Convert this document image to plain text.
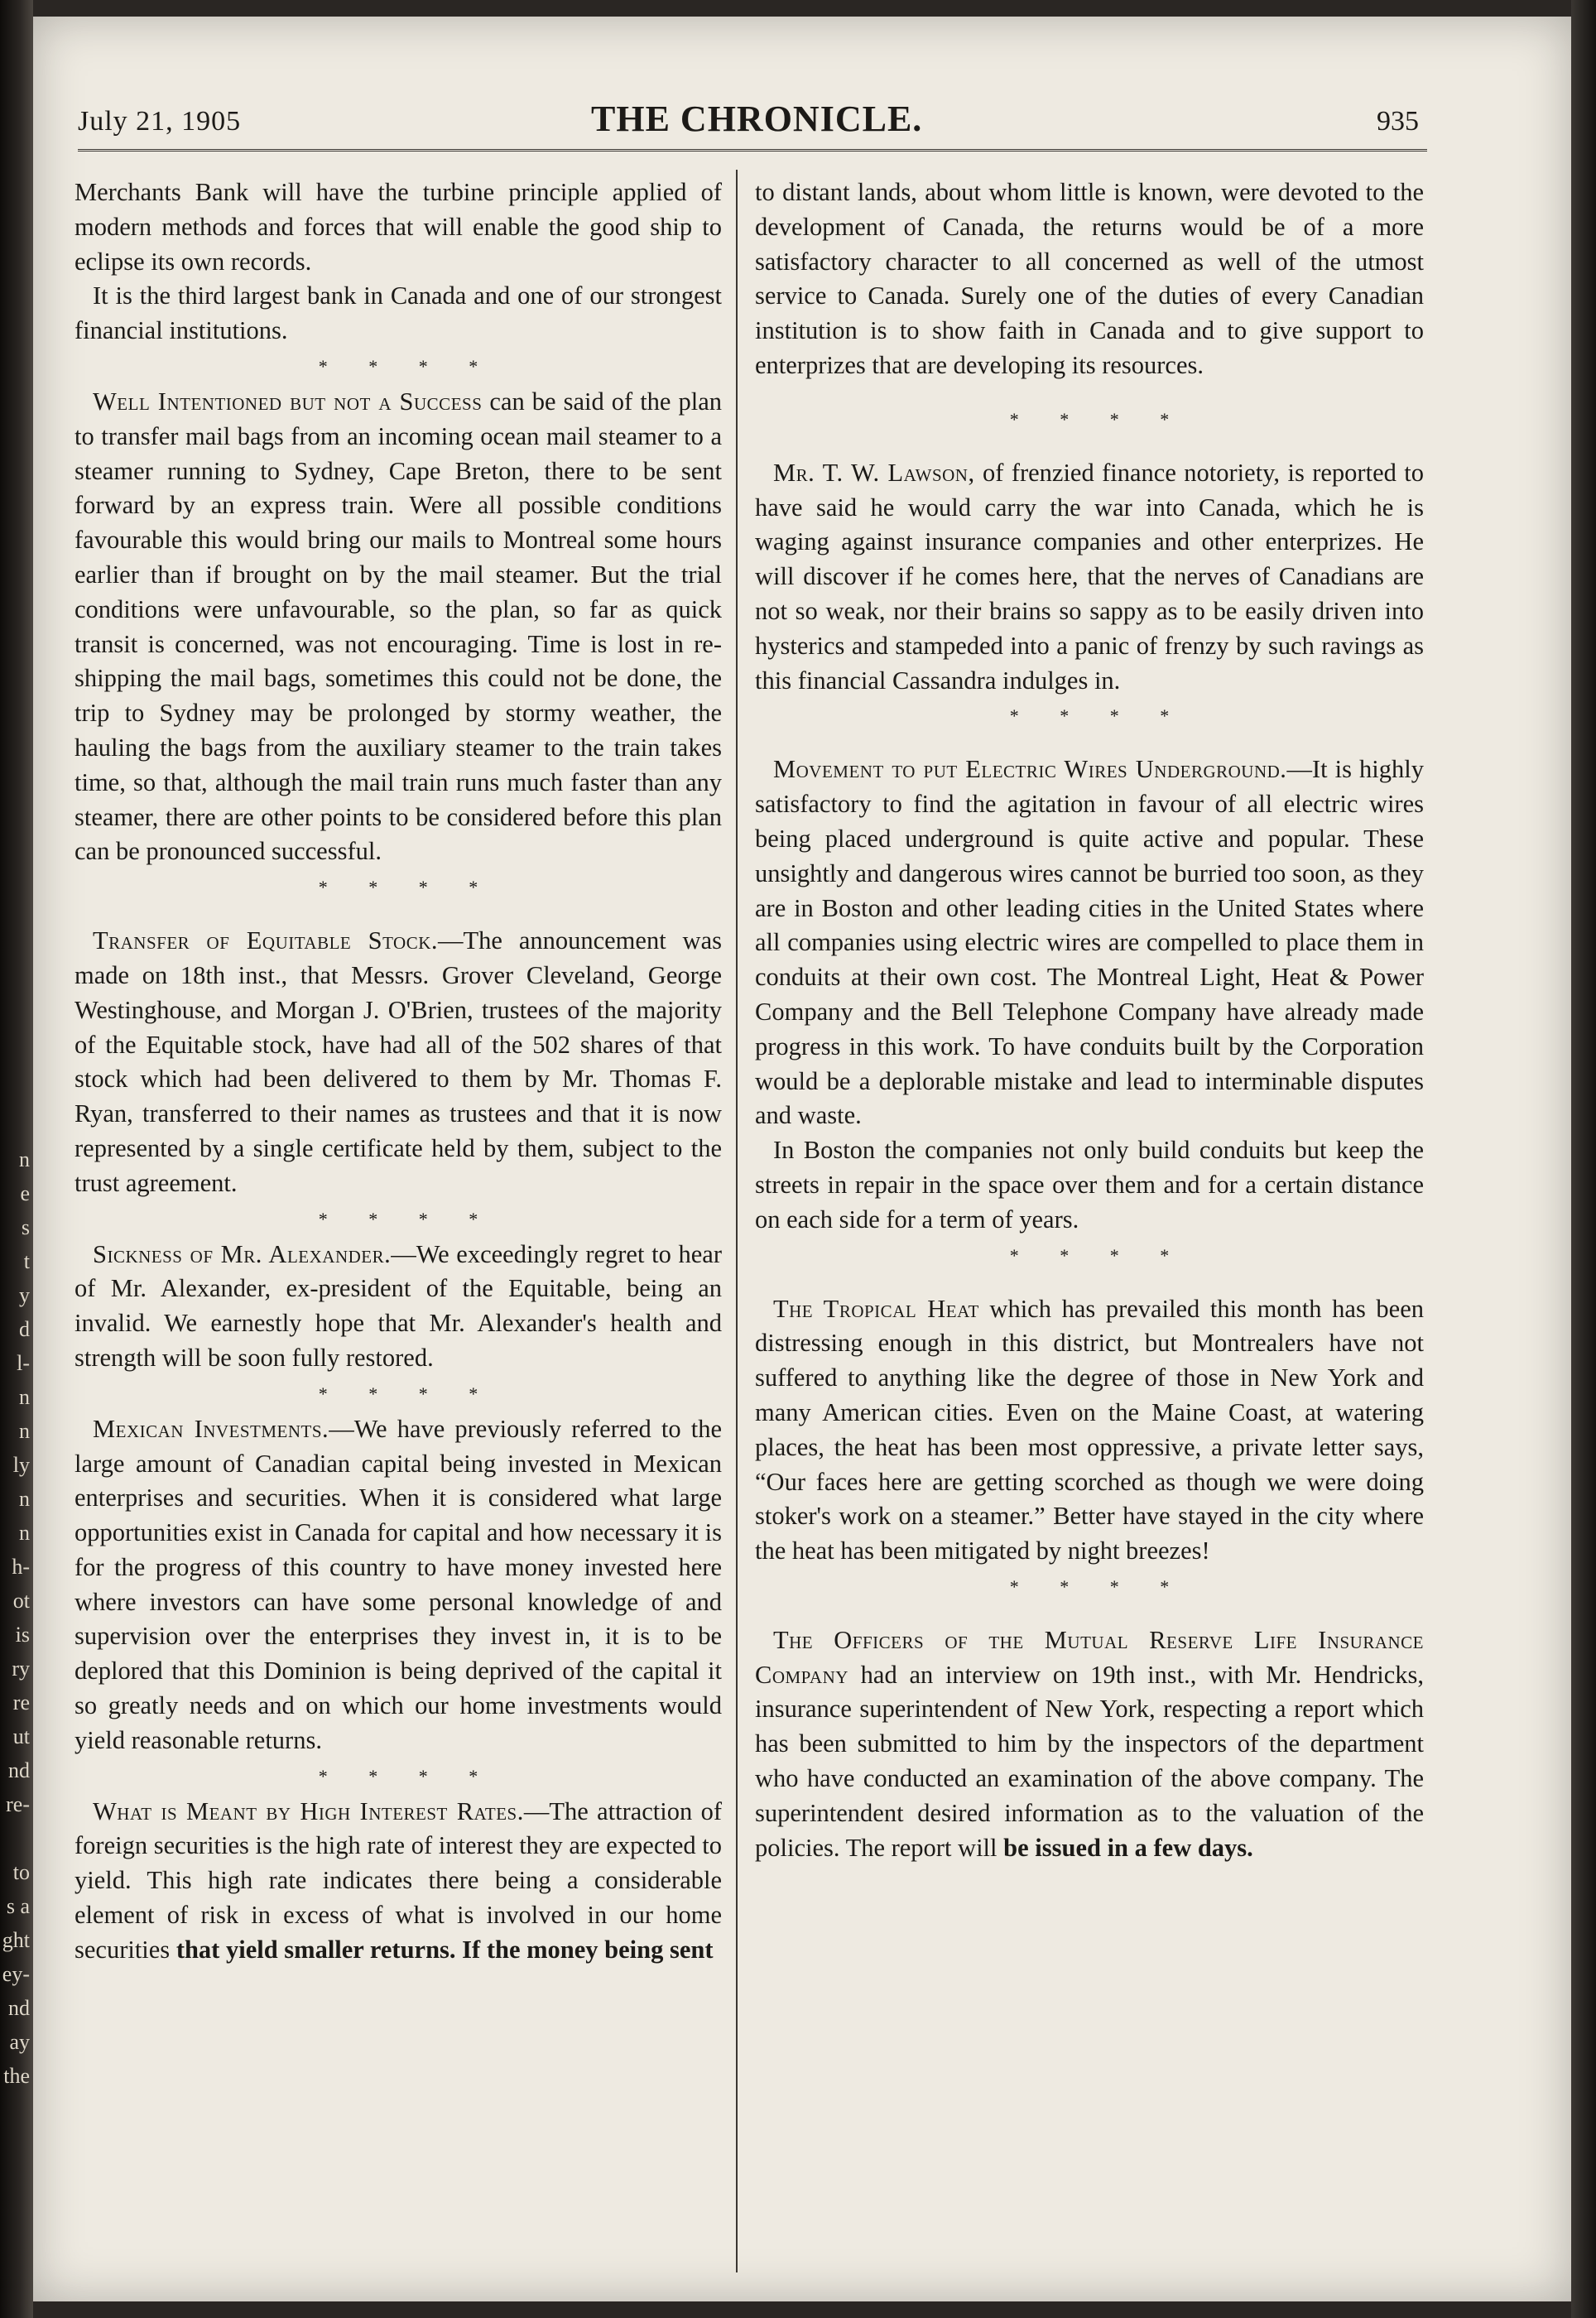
n
e
s
t
y
d
l-
n
n
ly
n
n
h-
ot
is
ry
re
ut
nd
re-

to
s a
ght
ey-
nd
ay
the
July 21, 1905	THE CHRONICLE.	935

Merchants Bank will have the turbine principle applied of modern methods and forces that will enable the good ship to eclipse its own records.

It is the third largest bank in Canada and one of our strongest financial institutions.

* * * *

Well Intentioned but not a Success can be said of the plan to transfer mail bags from an incoming ocean mail steamer to a steamer running to Sydney, Cape Breton, there to be sent forward by an express train. Were all possible conditions favourable this would bring our mails to Montreal some hours earlier than if brought on by the mail steamer. But the trial conditions were unfavourable, so the plan, so far as quick transit is concerned, was not encouraging. Time is lost in re-shipping the mail bags, sometimes this could not be done, the trip to Sydney may be prolonged by stormy weather, the hauling the bags from the auxiliary steamer to the train takes time, so that, although the mail train runs much faster than any steamer, there are other points to be considered before this plan can be pronounced successful.

* * * *

Transfer of Equitable Stock.—The announcement was made on 18th inst., that Messrs. Grover Cleveland, George Westinghouse, and Morgan J. O'Brien, trustees of the majority of the Equitable stock, have had all of the 502 shares of that stock which had been delivered to them by Mr. Thomas F. Ryan, transferred to their names as trustees and that it is now represented by a single certificate held by them, subject to the trust agreement.

* * * *

Sickness of Mr. Alexander.—We exceedingly regret to hear of Mr. Alexander, ex-president of the Equitable, being an invalid. We earnestly hope that Mr. Alexander's health and strength will be soon fully restored.

* * * *

Mexican Investments.—We have previously referred to the large amount of Canadian capital being invested in Mexican enterprises and securities. When it is considered what large opportunities exist in Canada for capital and how necessary it is for the progress of this country to have money invested here where investors can have some personal knowledge of and supervision over the enterprises they invest in, it is to be deplored that this Dominion is being deprived of the capital it so greatly needs and on which our home investments would yield reasonable returns.

* * * *

What is Meant by High Interest Rates.—The attraction of foreign securities is the high rate of interest they are expected to yield. This high rate indicates there being a considerable element of risk in excess of what is involved in our home securities that yield smaller returns. If the money being sent

to distant lands, about whom little is known, were devoted to the development of Canada, the returns would be of a more satisfactory character to all concerned as well of the utmost service to Canada. Surely one of the duties of every Canadian institution is to show faith in Canada and to give support to enterprizes that are developing its resources.

* * * *

Mr. T. W. Lawson, of frenzied finance notoriety, is reported to have said he would carry the war into Canada, which he is waging against insurance companies and other enterprizes. He will discover if he comes here, that the nerves of Canadians are not so weak, nor their brains so sappy as to be easily driven into hysterics and stampeded into a panic of frenzy by such ravings as this financial Cassandra indulges in.

* * * *

Movement to put Electric Wires Underground.—It is highly satisfactory to find the agitation in favour of all electric wires being placed underground is quite active and popular. These unsightly and dangerous wires cannot be burried too soon, as they are in Boston and other leading cities in the United States where all companies using electric wires are compelled to place them in conduits at their own cost. The Montreal Light, Heat & Power Company and the Bell Telephone Company have already made progress in this work. To have conduits built by the Corporation would be a deplorable mistake and lead to interminable disputes and waste.

In Boston the companies not only build conduits but keep the streets in repair in the space over them and for a certain distance on each side for a term of years.

* * * *

The Tropical Heat which has prevailed this month has been distressing enough in this district, but Montrealers have not suffered to anything like the degree of those in New York and many American cities. Even on the Maine Coast, at watering places, the heat has been most oppressive, a private letter says, “Our faces here are getting scorched as though we were doing stoker's work on a steamer.” Better have stayed in the city where the heat has been mitigated by night breezes!

* * * *

The Officers of the Mutual Reserve Life Insurance Company had an interview on 19th inst., with Mr. Hendricks, insurance superintendent of New York, respecting a report which has been submitted to him by the inspectors of the department who have conducted an examination of the above company. The superintendent desired information as to the valuation of the policies. The report will be issued in a few days.
